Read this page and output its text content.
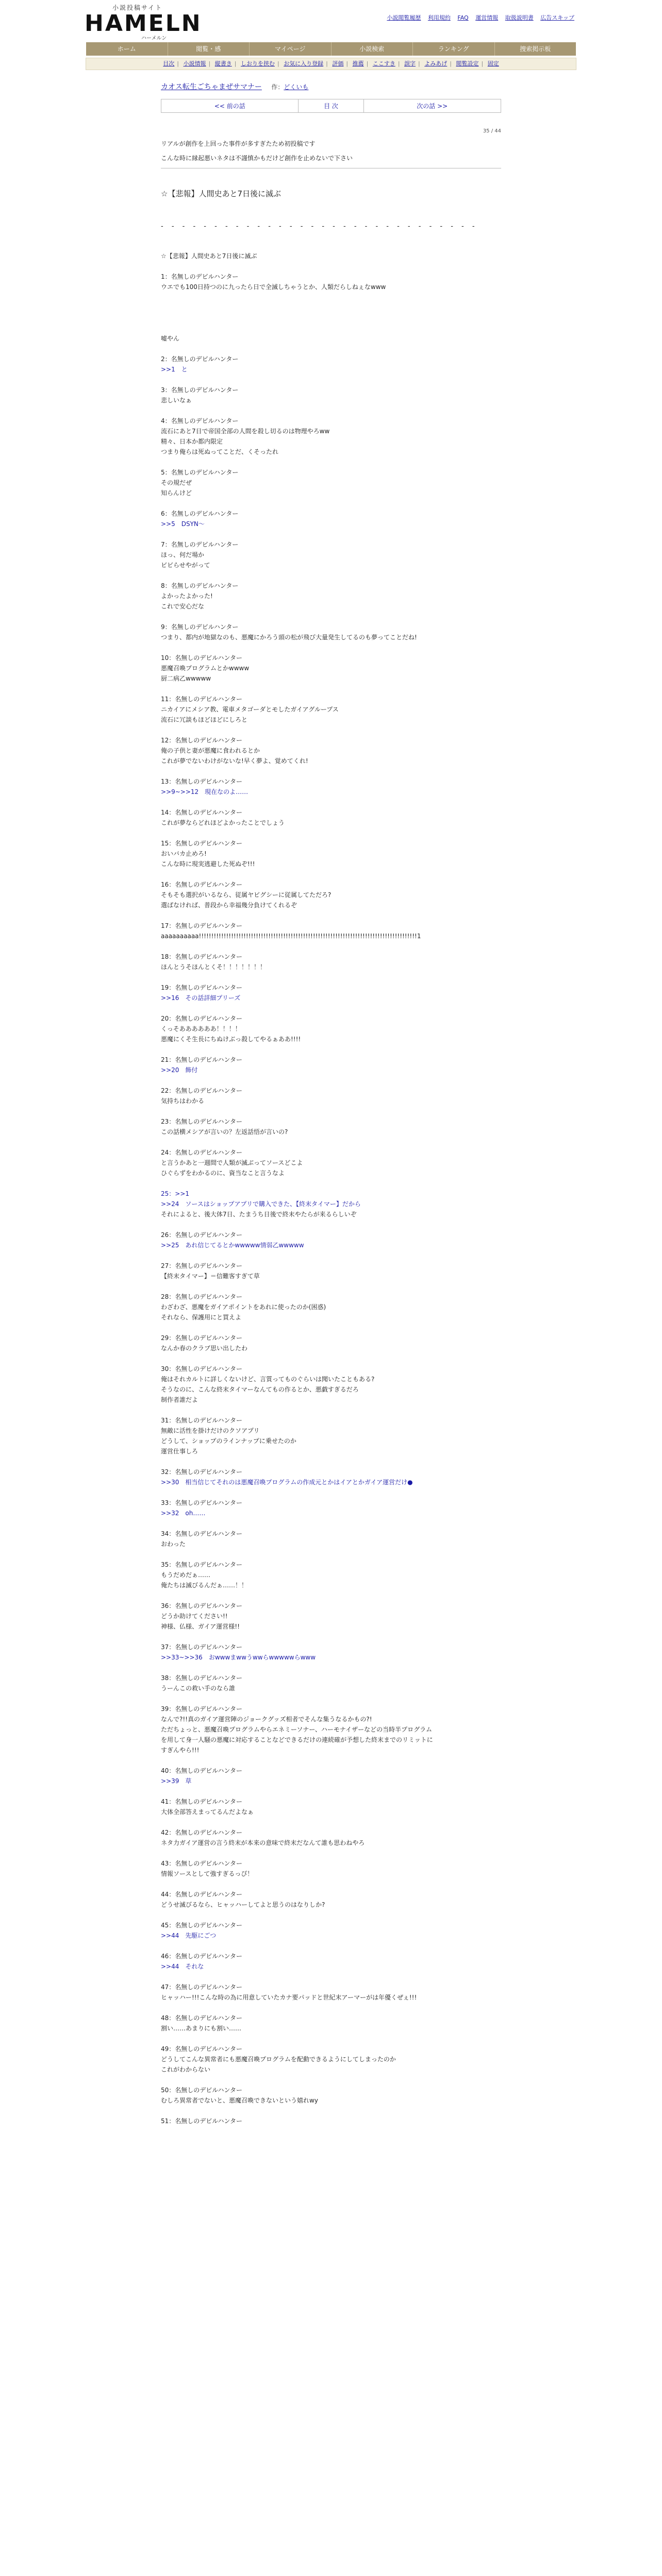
小説投稿サイト
HAMELN
ハーメルン
小説閲覧履歴 利用規約 FAQ 運営情報 取扱説明書 広告スキップ
ホーム	閲覧・感	マイページ	小説検索	ランキング	捜索掲示板
目次 | 小説情報 | 縦書き | しおりを挟む | お気に入り登録 | 評価 | 推薦 | ここすき | 誤字 | よみあげ | 閲覧設定 | 固定
カオス転生ごちゃまぜサマナー 作：どくいも
<< 前の話	目 次	次の話 >>
35 / 44

リアルが創作を上回った事件が多すぎたため初投稿です

こんな時に縁起悪いネタは不謹慎かもだけど創作を止めないで下さい

☆【悲報】人間史あと7日後に滅ぶ
- - - - - - - - - - - - - - - - - - - - - - - - - - - - - -
☆【悲報】人間史あと7日後に滅ぶ
1：名無しのデビルハンター
ウエでも100日持つのに九ったら日で全滅しちゃうとか、人類だらしねぇなwww
嘘やん
2：名無しのデビルハンター
>>1　と
3：名無しのデビルハンター
悲しいなぁ
4：名無しのデビルハンター
流石にあと7日で帝国全部の人間を殺し切るのは物理やろww
精々、日本か都内限定
つまり俺らは死ぬってことだ、くそったれ
5：名無しのデビルハンター
その規だぜ
知らんけど
6：名無しのデビルハンター
>>5　DSYN～
7：名無しのデビルハンター
ほっ、何だ場か
ビビらせやがって
8：名無しのデビルハンター
よかったよかった!
これで安心だな
9：名無しのデビルハンター
つまり、都内が地獄なのも、悪魔にかろう頭の松が飛び大量発生してるのも夢ってことだね!
10：名無しのデビルハンター
悪魔召喚プログラムとかwwww
厨二病乙wwwww
11：名無しのデビルハンター
ニカイアにメシア教、電車メタゴーダとモしたガイアグループス
流石に冗談もほどほどにしろと
12：名無しのデビルハンター
俺の子供と妻が悪魔に食われるとか
これが夢でないわけがないな!早く夢よ、覚めてくれ!
13：名無しのデビルハンター
>>9~>>12　現在なのよ……
14：名無しのデビルハンター
これが夢ならどれほどよかったことでしょう
15：名無しのデビルハンター
おいバカ止めろ!
こんな時に現実逃避した死ぬぞ!!!
16：名無しのデビルハンター
そもそも選択がいるなら、従属ヤビグシーに従属してただろ?
選ばなければ、普段から幸福幾分負けてくれるぞ
17：名無しのデビルハンター
aaaaaaaaaa!!!!!!!!!!!!!!!!!!!!!!!!!!!!!!!!!!!!!!!!!!!!!!!!!!!!!!!!!!!!!!!!!!!!!!!!!!!!!!!!!!!!!!!!1
18：名無しのデビルハンター
ほんとうそほんとくそ！！！！！！！
19：名無しのデビルハンター
>>16　その話詳細プリーズ
20：名無しのデビルハンター
くっそああああああ！！！！
悪魔にくそ生長にちぬけぶっ殺してやるぁああ!!!!
21：名無しのデビルハンター
>>20　飾付
22：名無しのデビルハンター
気持ちはわかる
23：名無しのデビルハンター
この話横メシアが言いの？左返話悟が言いの?
24：名無しのデビルハンター
と言うかあと一週間で人類が滅ぶってソースどこよ
ひぐらずをわかるのに、資当なこと言うなよ
25：>>1
>>24　ソースはショップアプリで購入できた、【終末タイマー】だから
それによると、後大体7日、たまうち日後で終末やたらが来るらしいぞ
26：名無しのデビルハンター
>>25　あれ信じてるとかwwwww情弱乙wwwww
27：名無しのデビルハンター
【終末タイマー】＝信難客すぎて草
28：名無しのデビルハンター
わざわざ、悪魔をガイアポイントをあれに使ったのか(困惑)
それなら、保護用にと買えよ
29：名無しのデビルハンター
なんか春のクラブ思い出したわ
30：名無しのデビルハンター
俺はそれカルトに詳しくないけど、言質ってものぐらいは聞いたこともある?
そうなのに、こんな終末タイマーなんてもの作るとか、悪戯すぎるだろ
制作者誰だよ
31：名無しのデビルハンター
無敵に活性を掛けだけのクソアプリ
どうして、ショップのラインナップに乗せたのか
運営仕事しろ
32：名無しのデビルハンター
>>30　相当信じてそれのは悪魔召喚プログラムの作成元とかはイアとかガイア運営だけ●
33：名無しのデビルハンター
>>32　oh……
34：名無しのデビルハンター
おわった
35：名無しのデビルハンター
もうだめだぁ……
俺たちは滅びるんだぁ……！！
36：名無しのデビルハンター
どうか助けてください!!
神様、仏様、ガイア運営様!!
37：名無しのデビルハンター
>>33~>>36　おwwwまwwうwwらwwwwwらwww
38：名無しのデビルハンター
うーんこの救い手のなら誰
39：名無しのデビルハンター
なんで?!!真のガイア運営陣のジョークグッズ相者でそんな集うなるかもの?!
ただちょっと、悪魔召喚プログラムやらエネミーソナー、ハーモナイザーなどの当時半プログラム
を用して身一人騒の悪魔に対応することなどできるだけの連続確が予想した終末までのリミットに
すぎんやら!!!
40：名無しのデビルハンター
>>39　草
41：名無しのデビルハンター
大体全部答えまってるんだよなぁ
42：名無しのデビルハンター
ネタ力ガイア運営の言う終末が本来の意味で終末だなんて誰も思わねやろ
43：名無しのデビルハンター
情報ソースとして強すぎるっぴ！
44：名無しのデビルハンター
どうせ滅びるなら、ヒャッハーしてよと思うのはなりしか?
45：名無しのデビルハンター
>>44　先駆にごつ
46：名無しのデビルハンター
>>44　それな
47：名無しのデビルハンター
ヒャッハー!!!こんな時の為に用意していたカナ要パッドと世紀末アーマーがは年優くぜぇ!!!
48：名無しのデビルハンター
割い……あまりにも割い……
49：名無しのデビルハンター
どうしてこんな異常者にも悪魔召喚プログラムを配動できるようにしてしまったのか
これがわからない
50：名無しのデビルハンター
むしろ異常者でないと、悪魔召喚できないという嬉れwy
51：名無しのデビルハンター
